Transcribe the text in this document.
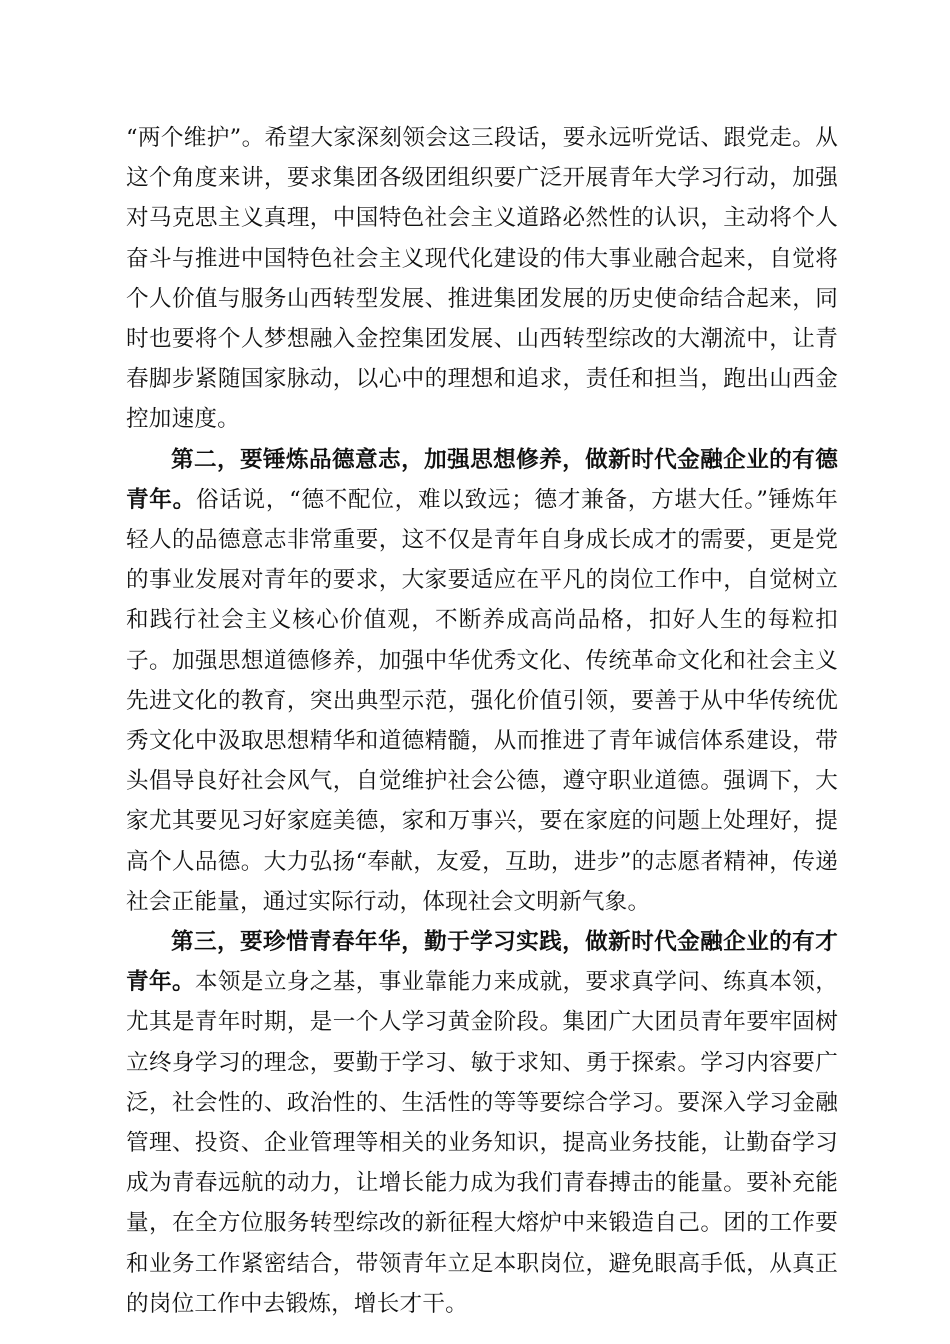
“两个维护”。希望大家深刻领会这三段话，要永远听党话、跟党走。从这个角度来讲，要求集团各级团组织要广泛开展青年大学习行动，加强对马克思主义真理，中国特色社会主义道路必然性的认识，主动将个人奋斗与推进中国特色社会主义现代化建设的伟大事业融合起来，自觉将个人价值与服务山西转型发展、推进集团发展的历史使命结合起来，同时也要将个人梦想融入金控集团发展、山西转型综改的大潮流中，让青春脚步紧随国家脉动，以心中的理想和追求，责任和担当，跑出山西金控加速度。

第二，要锤炼品德意志，加强思想修养，做新时代金融企业的有德青年。俗话说，“德不配位，难以致远；德才兼备，方堪大任。”锤炼年轻人的品德意志非常重要，这不仅是青年自身成长成才的需要，更是党的事业发展对青年的要求，大家要适应在平凡的岗位工作中，自觉树立和践行社会主义核心价值观，不断养成高尚品格，扣好人生的每粒扣子。加强思想道德修养，加强中华优秀文化、传统革命文化和社会主义先进文化的教育，突出典型示范，强化价值引领，要善于从中华传统优秀文化中汲取思想精华和道德精髓，从而推进了青年诚信体系建设，带头倡导良好社会风气，自觉维护社会公德，遵守职业道德。强调下，大家尤其要见习好家庭美德，家和万事兴，要在家庭的问题上处理好，提高个人品德。大力弘扬“奉献，友爱，互助，进步”的志愿者精神，传递社会正能量，通过实际行动，体现社会文明新气象。

第三，要珍惜青春年华，勤于学习实践，做新时代金融企业的有才青年。本领是立身之基，事业靠能力来成就，要求真学问、练真本领，尤其是青年时期，是一个人学习黄金阶段。集团广大团员青年要牢固树立终身学习的理念，要勤于学习、敏于求知、勇于探索。学习内容要广泛，社会性的、政治性的、生活性的等等要综合学习。要深入学习金融管理、投资、企业管理等相关的业务知识，提高业务技能，让勤奋学习成为青春远航的动力，让增长能力成为我们青春搏击的能量。要补充能量，在全方位服务转型综改的新征程大熔炉中来锻造自己。团的工作要和业务工作紧密结合，带领青年立足本职岗位，避免眼高手低，从真正的岗位工作中去锻炼，增长才干。
